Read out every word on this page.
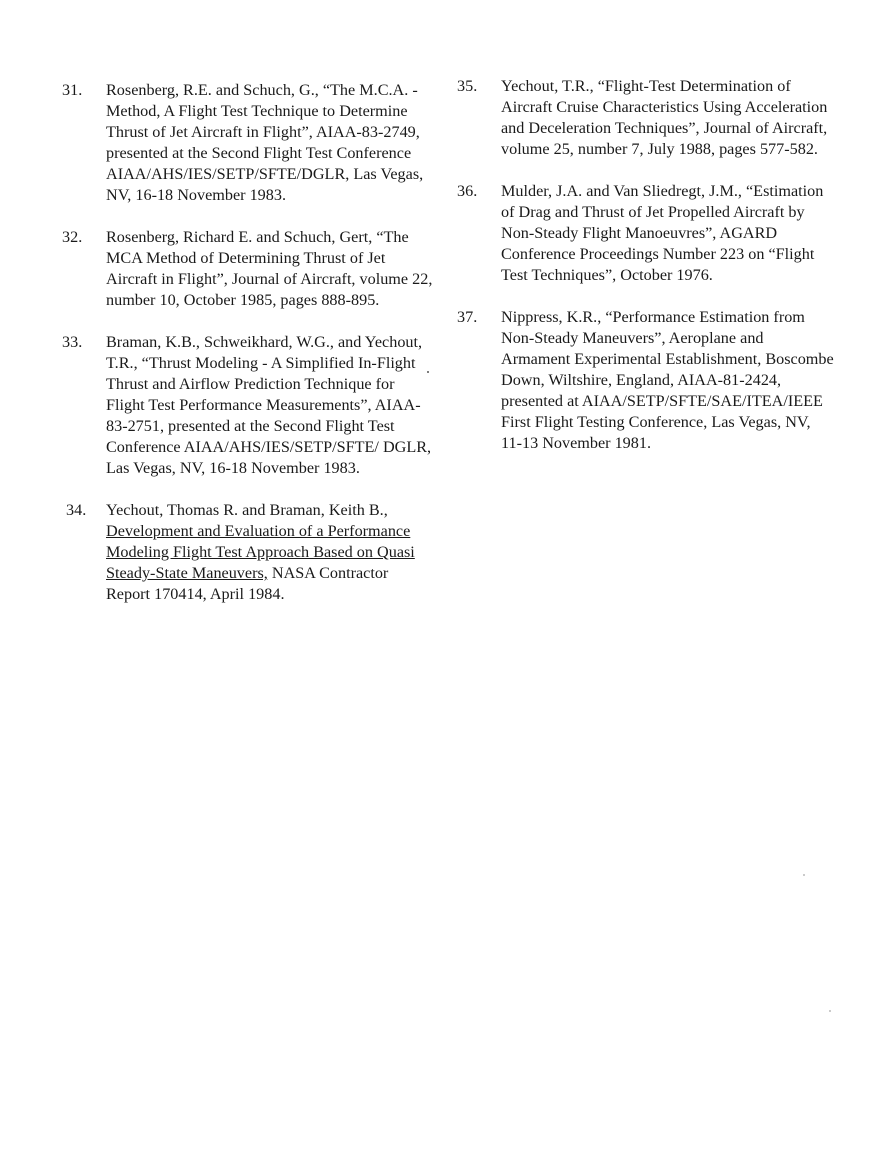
31. Rosenberg, R.E. and Schuch, G., “The M.C.A. - Method, A Flight Test Technique to Determine Thrust of Jet Aircraft in Flight”, AIAA-83-2749, presented at the Second Flight Test Conference AIAA/AHS/IES/SETP/SFTE/DGLR, Las Vegas, NV, 16-18 November 1983.
32. Rosenberg, Richard E. and Schuch, Gert, “The MCA Method of Determining Thrust of Jet Aircraft in Flight”, Journal of Aircraft, volume 22, number 10, October 1985, pages 888-895.
33. Braman, K.B., Schweikhard, W.G., and Yechout, T.R., “Thrust Modeling - A Simplified In-Flight Thrust and Airflow Prediction Technique for Flight Test Performance Measurements”, AIAA-83-2751, presented at the Second Flight Test Conference AIAA/AHS/IES/SETP/SFTE/ DGLR, Las Vegas, NV, 16-18 November 1983.
34. Yechout, Thomas R. and Braman, Keith B., Development and Evaluation of a Performance Modeling Flight Test Approach Based on Quasi Steady-State Maneuvers, NASA Contractor Report 170414, April 1984.
35. Yechout, T.R., “Flight-Test Determination of Aircraft Cruise Characteristics Using Acceleration and Deceleration Techniques”, Journal of Aircraft, volume 25, number 7, July 1988, pages 577-582.
36. Mulder, J.A. and Van Sliedregt, J.M., “Estimation of Drag and Thrust of Jet Propelled Aircraft by Non-Steady Flight Manoeuvres”, AGARD Conference Proceedings Number 223 on “Flight Test Techniques”, October 1976.
37. Nippress, K.R., “Performance Estimation from Non-Steady Maneuvers”, Aeroplane and Armament Experimental Establishment, Boscombe Down, Wiltshire, England, AIAA-81-2424, presented at AIAA/SETP/SFTE/SAE/ITEA/IEEE First Flight Testing Conference, Las Vegas, NV, 11-13 November 1981.
